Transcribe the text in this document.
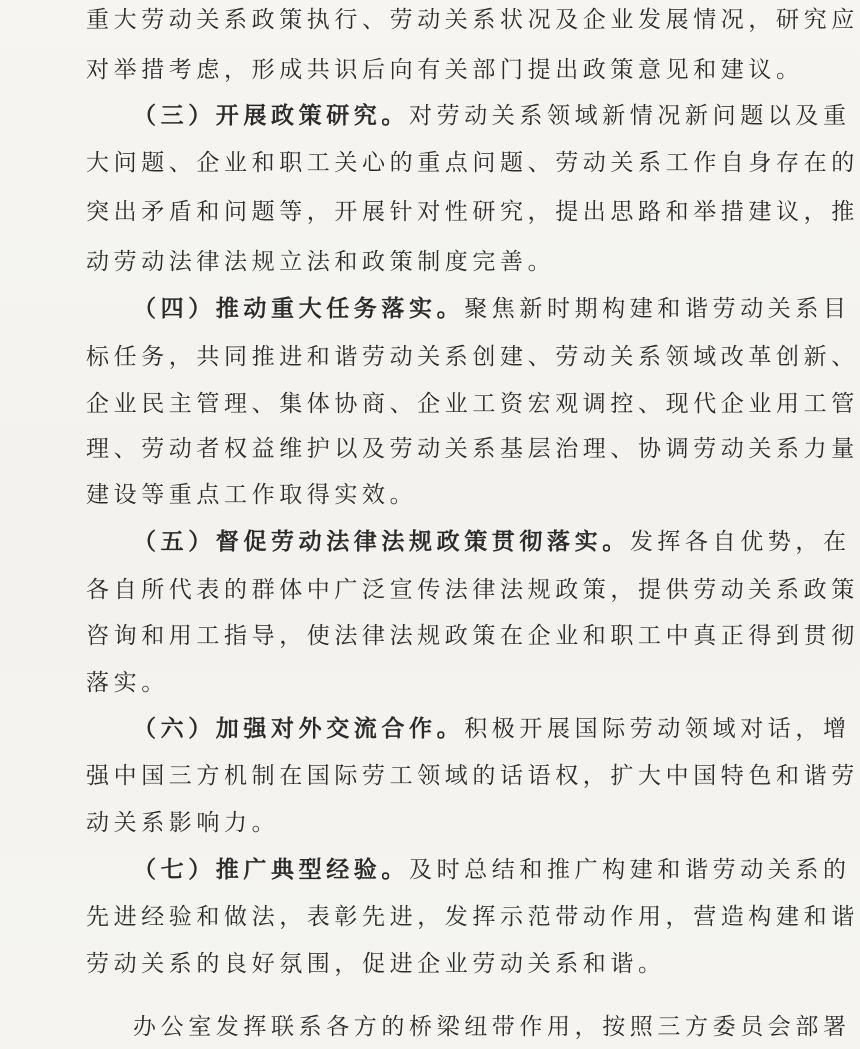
重大劳动关系政策执行、劳动关系状况及企业发展情况，研究应
对举措考虑，形成共识后向有关部门提出政策意见和建议。
（三）开展政策研究。对劳动关系领域新情况新问题以及重
大问题、企业和职工关心的重点问题、劳动关系工作自身存在的
突出矛盾和问题等，开展针对性研究，提出思路和举措建议，推
动劳动法律法规立法和政策制度完善。
（四）推动重大任务落实。聚焦新时期构建和谐劳动关系目
标任务，共同推进和谐劳动关系创建、劳动关系领域改革创新、
企业民主管理、集体协商、企业工资宏观调控、现代企业用工管
理、劳动者权益维护以及劳动关系基层治理、协调劳动关系力量
建设等重点工作取得实效。
（五）督促劳动法律法规政策贯彻落实。发挥各自优势，在
各自所代表的群体中广泛宣传法律法规政策，提供劳动关系政策
咨询和用工指导，使法律法规政策在企业和职工中真正得到贯彻
落实。
（六）加强对外交流合作。积极开展国际劳动领域对话，增
强中国三方机制在国际劳工领域的话语权，扩大中国特色和谐劳
动关系影响力。
（七）推广典型经验。及时总结和推广构建和谐劳动关系的
先进经验和做法，表彰先进，发挥示范带动作用，营造构建和谐
劳动关系的良好氛围，促进企业劳动关系和谐。
办公室发挥联系各方的桥梁纽带作用，按照三方委员会部署
